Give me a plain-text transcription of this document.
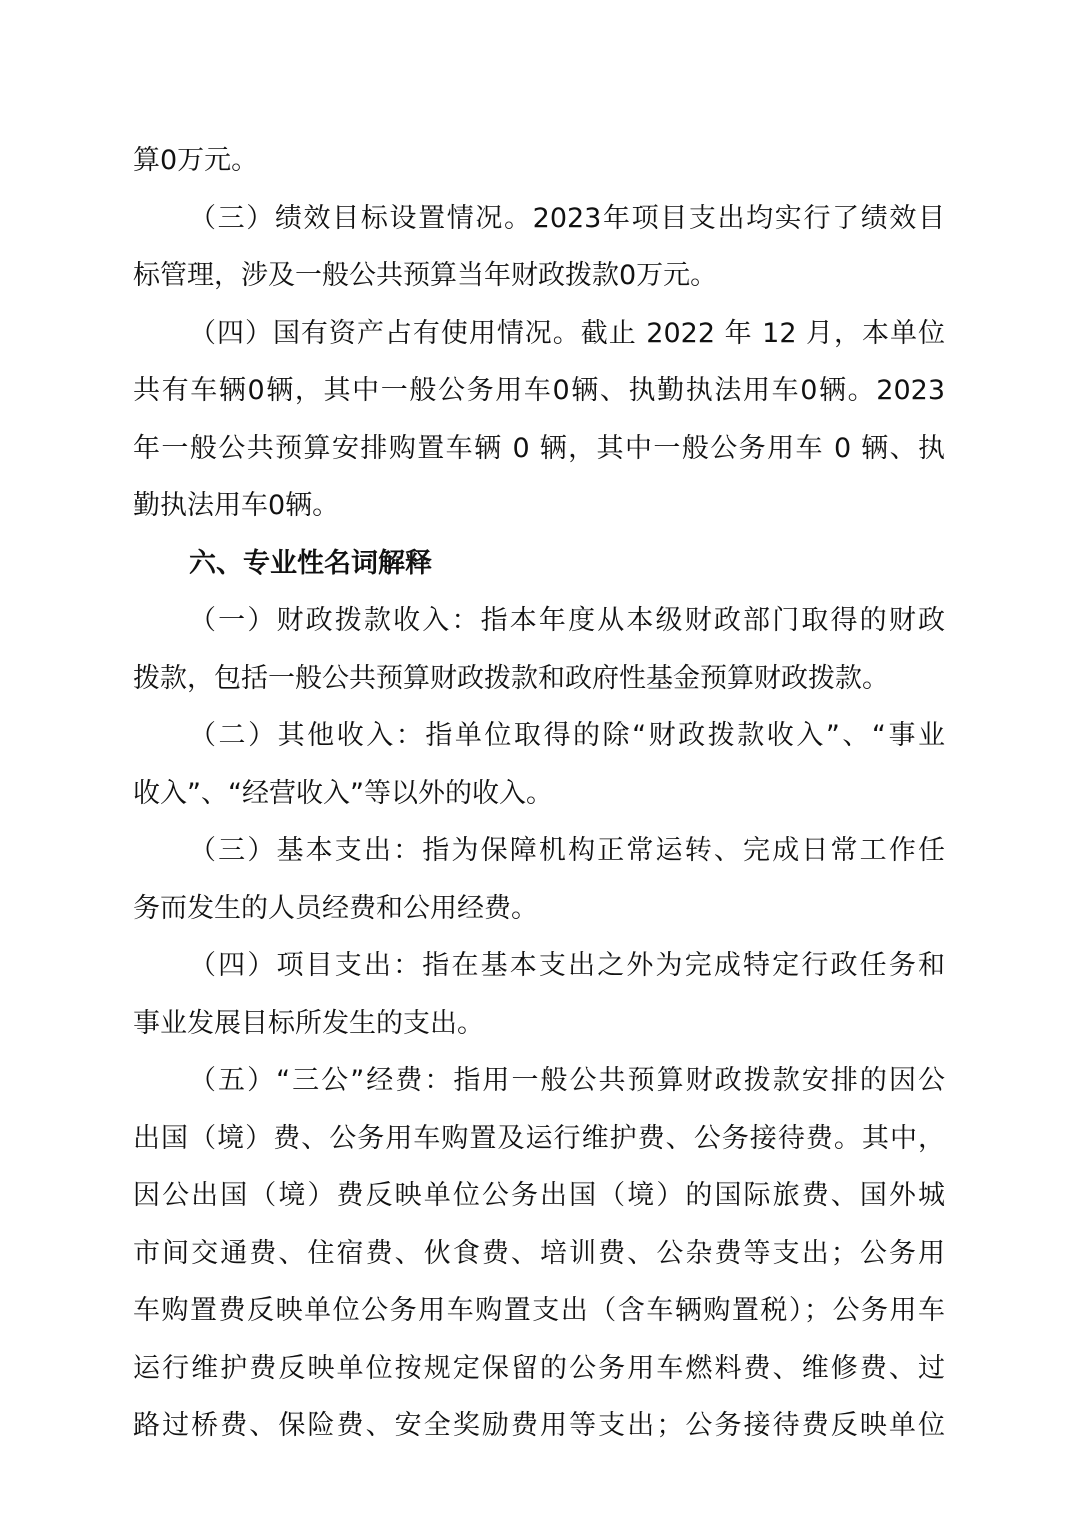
算0万元。
（三）绩效目标设置情况。2023年项目支出均实行了绩效目
标管理，涉及一般公共预算当年财政拨款0万元。
（四）国有资产占有使用情况。截止 2022 年 12 月，本单位
共有车辆0辆，其中一般公务用车0辆、执勤执法用车0辆。2023
年一般公共预算安排购置车辆 0 辆，其中一般公务用车 0 辆、执
勤执法用车0辆。
六、专业性名词解释
（一）财政拨款收入：指本年度从本级财政部门取得的财政
拨款，包括一般公共预算财政拨款和政府性基金预算财政拨款。
（二）其他收入：指单位取得的除“财政拨款收入”、“事业
收入”、“经营收入”等以外的收入。
（三）基本支出：指为保障机构正常运转、完成日常工作任
务而发生的人员经费和公用经费。
（四）项目支出：指在基本支出之外为完成特定行政任务和
事业发展目标所发生的支出。
（五）“三公”经费：指用一般公共预算财政拨款安排的因公
出国（境）费、公务用车购置及运行维护费、公务接待费。其中，
因公出国（境）费反映单位公务出国（境）的国际旅费、国外城
市间交通费、住宿费、伙食费、培训费、公杂费等支出；公务用
车购置费反映单位公务用车购置支出（含车辆购置税）；公务用车
运行维护费反映单位按规定保留的公务用车燃料费、维修费、过
路过桥费、保险费、安全奖励费用等支出；公务接待费反映单位
